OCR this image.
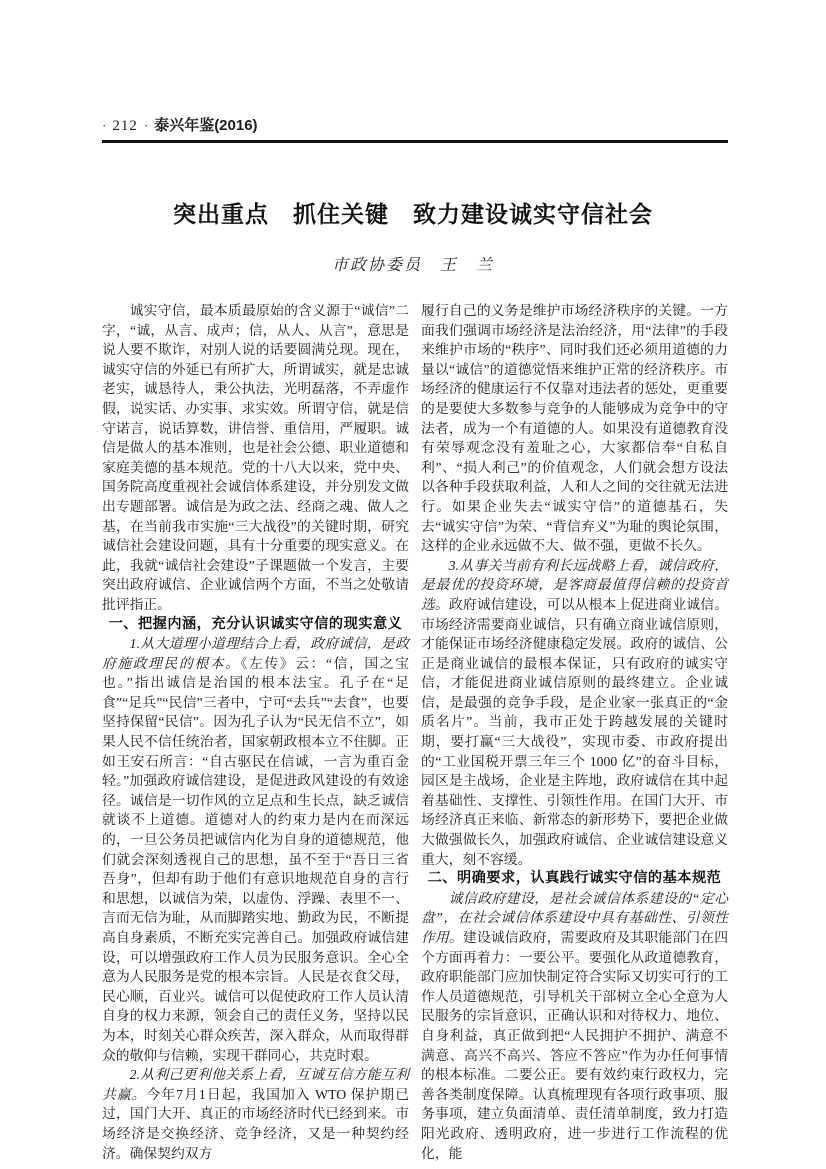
· 212 · 泰兴年鉴(2016)
突出重点　抓住关键　致力建设诚实守信社会
市政协委员　王　兰

诚实守信，最本质最原始的含义源于“诚信”二字，“诚，从言、成声；信，从人、从言”，意思是说人要不欺诈，对别人说的话要圆满兑现。现在，诚实守信的外延已有所扩大，所谓诚实，就是忠诚老实，诚恳待人，秉公执法，光明磊落，不弄虚作假，说实话、办实事、求实效。所谓守信，就是信守诺言，说话算数，讲信誉、重信用，严履职。诚信是做人的基本准则，也是社会公德、职业道德和家庭美德的基本规范。党的十八大以来，党中央、国务院高度重视社会诚信体系建设，并分别发文做出专题部署。诚信是为政之法、经商之魂、做人之基，在当前我市实施“三大战役”的关键时期，研究诚信社会建设问题，具有十分重要的现实意义。在此，我就“诚信社会建设”子课题做一个发言，主要突出政府诚信、企业诚信两个方面，不当之处敬请批评指正。

一、把握内涵，充分认识诚实守信的现实意义

1.从大道理小道理结合上看，政府诚信，是政府施政理民的根本。《左传》云：“信，国之宝也。”指出诚信是治国的根本法宝。孔子在“足食”“足兵”“民信”三者中，宁可“去兵”“去食”，也要坚持保留“民信”。因为孔子认为“民无信不立”，如果人民不信任统治者，国家朝政根本立不住脚。正如王安石所言：“自古驱民在信诚，一言为重百金轻。”加强政府诚信建设，是促进政风建设的有效途径。诚信是一切作风的立足点和生长点，缺乏诚信就谈不上道德。道德对人的约束力是内在而深远的，一旦公务员把诚信内化为自身的道德规范，他们就会深刻透视自己的思想，虽不至于“吾日三省吾身”，但却有助于他们有意识地规范自身的言行和思想，以诚信为荣，以虚伪、浮躁、表里不一、言而无信为耻，从而脚踏实地、勤政为民，不断提高自身素质，不断充实完善自己。加强政府诚信建设，可以增强政府工作人员为民服务意识。全心全意为人民服务是党的根本宗旨。人民是衣食父母，民心顺，百业兴。诚信可以促使政府工作人员认清自身的权力来源，领会自己的责任义务，坚持以民为本，时刻关心群众疾苦，深入群众，从而取得群众的敬仰与信赖，实现干群同心，共克时艰。

2.从利己更利他关系上看，互诚互信方能互利共赢。今年7月1日起，我国加入 WTO 保护期已过，国门大开、真正的市场经济时代已经到来。市场经济是交换经济、竞争经济，又是一种契约经济。确保契约双方

履行自己的义务是维护市场经济秩序的关键。一方面我们强调市场经济是法治经济，用“法律”的手段来维护市场的“秩序”、同时我们还必须用道德的力量以“诚信”的道德觉悟来维护正常的经济秩序。市场经济的健康运行不仅靠对违法者的惩处，更重要的是要使大多数参与竞争的人能够成为竞争中的守法者，成为一个有道德的人。如果没有道德教育没有荣辱观念没有羞耻之心，大家都信奉“自私自利”、“损人利己”的价值观念，人们就会想方设法以各种手段获取利益，人和人之间的交往就无法进行。如果企业失去“诚实守信”的道德基石，失去“诚实守信”为荣、“背信弃义”为耻的舆论氛围，这样的企业永远做不大、做不强，更做不长久。

3.从事关当前有利长远战略上看，诚信政府，是最优的投资环境，是客商最值得信赖的投资首选。政府诚信建设，可以从根本上促进商业诚信。市场经济需要商业诚信，只有确立商业诚信原则，才能保证市场经济健康稳定发展。政府的诚信、公正是商业诚信的最根本保证，只有政府的诚实守信，才能促进商业诚信原则的最终建立。企业诚信，是最强的竞争手段，是企业家一张真正的“金质名片”。当前，我市正处于跨越发展的关键时期，要打赢“三大战役”，实现市委、市政府提出的“工业国税开票三年三个 1000 亿”的奋斗目标，园区是主战场，企业是主阵地，政府诚信在其中起着基础性、支撑性、引领性作用。在国门大开、市场经济真正来临、新常态的新形势下，要把企业做大做强做长久，加强政府诚信、企业诚信建设意义重大，刻不容缓。

二、明确要求，认真践行诚实守信的基本规范

诚信政府建设，是社会诚信体系建设的“定心盘”，在社会诚信体系建设中具有基础性、引领性作用。建设诚信政府，需要政府及其职能部门在四个方面再着力：一要公平。要强化从政道德教育，政府职能部门应加快制定符合实际又切实可行的工作人员道德规范，引导机关干部树立全心全意为人民服务的宗旨意识，正确认识和对待权力、地位、自身利益，真正做到把“人民拥护不拥护、满意不满意、高兴不高兴、答应不答应”作为办任何事情的根本标准。二要公正。要有效约束行政权力，完善各类制度保障。认真梳理现有各项行政事项、服务事项，建立负面清单、责任清单制度，致力打造阳光政府、透明政府，进一步进行工作流程的优化，能
